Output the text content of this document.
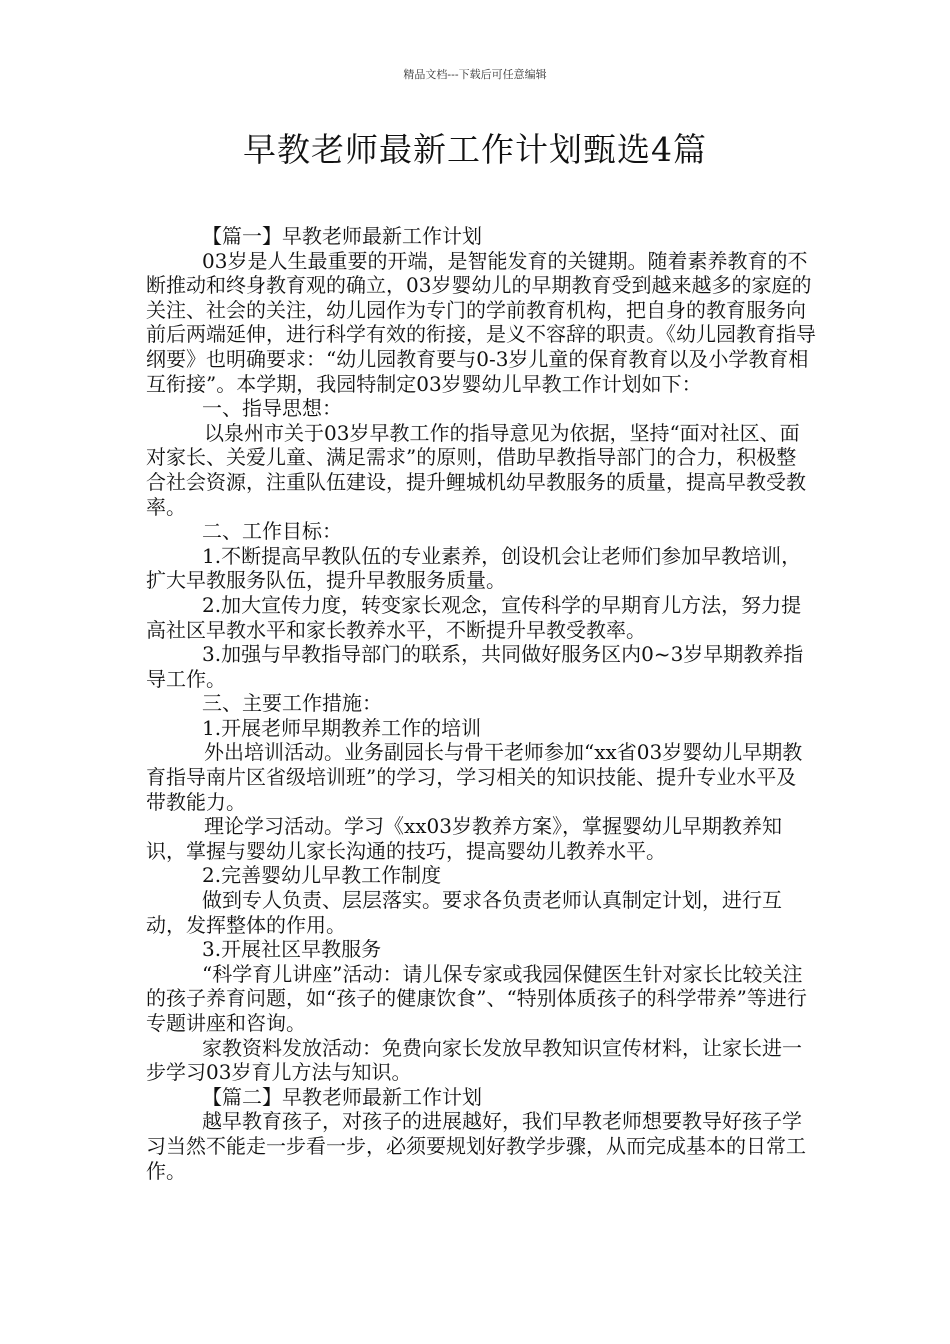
精品文档---下载后可任意编辑
早教老师最新工作计划甄选4篇

【篇一】早教老师最新工作计划

03岁是人生最重要的开端，是智能发育的关键期。随着素养教育的不断推动和终身教育观的确立，03岁婴幼儿的早期教育受到越来越多的家庭的关注、社会的关注，幼儿园作为专门的学前教育机构，把自身的教育服务向前后两端延伸，进行科学有效的衔接，是义不容辞的职责。《幼儿园教育指导纲要》也明确要求：“幼儿园教育要与0-3岁儿童的保育教育以及小学教育相互衔接”。本学期，我园特制定03岁婴幼儿早教工作计划如下：

一、指导思想：

以泉州市关于03岁早教工作的指导意见为依据，坚持“面对社区、面对家长、关爱儿童、满足需求”的原则，借助早教指导部门的合力，积极整合社会资源，注重队伍建设，提升鲤城机幼早教服务的质量，提高早教受教率。

二、工作目标：

1.不断提高早教队伍的专业素养，创设机会让老师们参加早教培训，扩大早教服务队伍，提升早教服务质量。

2.加大宣传力度，转变家长观念，宣传科学的早期育儿方法，努力提高社区早教水平和家长教养水平，不断提升早教受教率。

3.加强与早教指导部门的联系，共同做好服务区内0~3岁早期教养指导工作。

三、主要工作措施：

1.开展老师早期教养工作的培训

外出培训活动。业务副园长与骨干老师参加“xx省03岁婴幼儿早期教育指导南片区省级培训班”的学习，学习相关的知识技能、提升专业水平及带教能力。

理论学习活动。学习《xx03岁教养方案》，掌握婴幼儿早期教养知识，掌握与婴幼儿家长沟通的技巧，提高婴幼儿教养水平。

2.完善婴幼儿早教工作制度

做到专人负责、层层落实。要求各负责老师认真制定计划，进行互动，发挥整体的作用。

3.开展社区早教服务

“科学育儿讲座”活动：请儿保专家或我园保健医生针对家长比较关注的孩子养育问题，如“孩子的健康饮食”、“特别体质孩子的科学带养”等进行专题讲座和咨询。

家教资料发放活动：免费向家长发放早教知识宣传材料，让家长进一步学习03岁育儿方法与知识。

【篇二】早教老师最新工作计划

越早教育孩子，对孩子的进展越好，我们早教老师想要教导好孩子学习当然不能走一步看一步，必须要规划好教学步骤，从而完成基本的日常工作。
